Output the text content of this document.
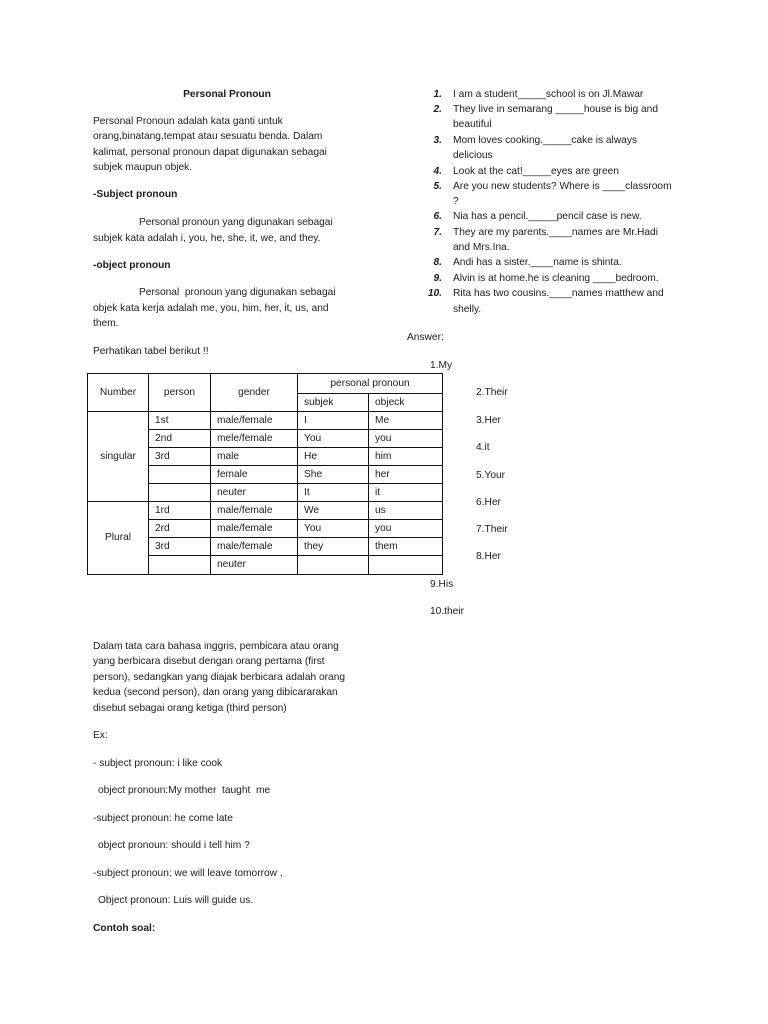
Personal Pronoun
Personal Pronoun adalah kata ganti untuk
orang,binatang,tempat atau sesuatu benda. Dalam
kalimat, personal pronoun dapat digunakan sebagai
subjek maupun objek.
-Subject pronoun
Personal pronoun yang digunakan sebagai
subjek kata adalah i, you, he, she, it, we, and they.
-object pronoun
Personal  pronoun yang digunakan sebagai
objek kata kerja adalah me, you, him, her, it, us, and
them.
Perhatikan tabel berikut !!
Number	person	gender	personal pronoun	
			subjek	objeck
singular	1st	male/female	I	Me
	2nd	mele/female	You	you
	3rd	male	He	him
		female	She	her
		neuter	It	it
Plural	1rd	male/female	We	us
	2rd	male/female	You	you
	3rd	male/female	they	them
		neuter		
Dalam tata cara bahasa inggris, pembicara atau orang
yang berbicara disebut dengan orang pertama (first
person), sedangkan yang diajak berbicara adalah orang
kedua (second person), dan orang yang dibicararakan
disebut sebagai orang ketiga (third person)
Ex:
- subject pronoun: i like cook
object pronoun:My mother  taught  me
-subject pronoun: he come late
object pronoun: should i tell him ?
-subject pronoun: we will leave tomorrow .
Object pronoun: Luis will guide us.
Contoh soal:
1. I am a student_____school is on Jl.Mawar
2. They live in semarang _____house is big and
beautiful
3. Mom loves cooking._____cake is always
delicious
4. Look at the cat!_____eyes are green
5. Are you new students? Where is ____classroom
?
6. Nia has a pencil._____pencil case is new.
7. They are my parents.____names are Mr.Hadi
and Mrs.Ina.
8. Andi has a sister.____name is shinta.
9. Alvin is at home.he is cleaning ____bedroom.
10. Rita has two cousins.____names matthew and
shelly.
Answer:
1.My
2.Their
3.Her
4.it
5.Your
6.Her
7.Their
8.Her
9.His
10.their
